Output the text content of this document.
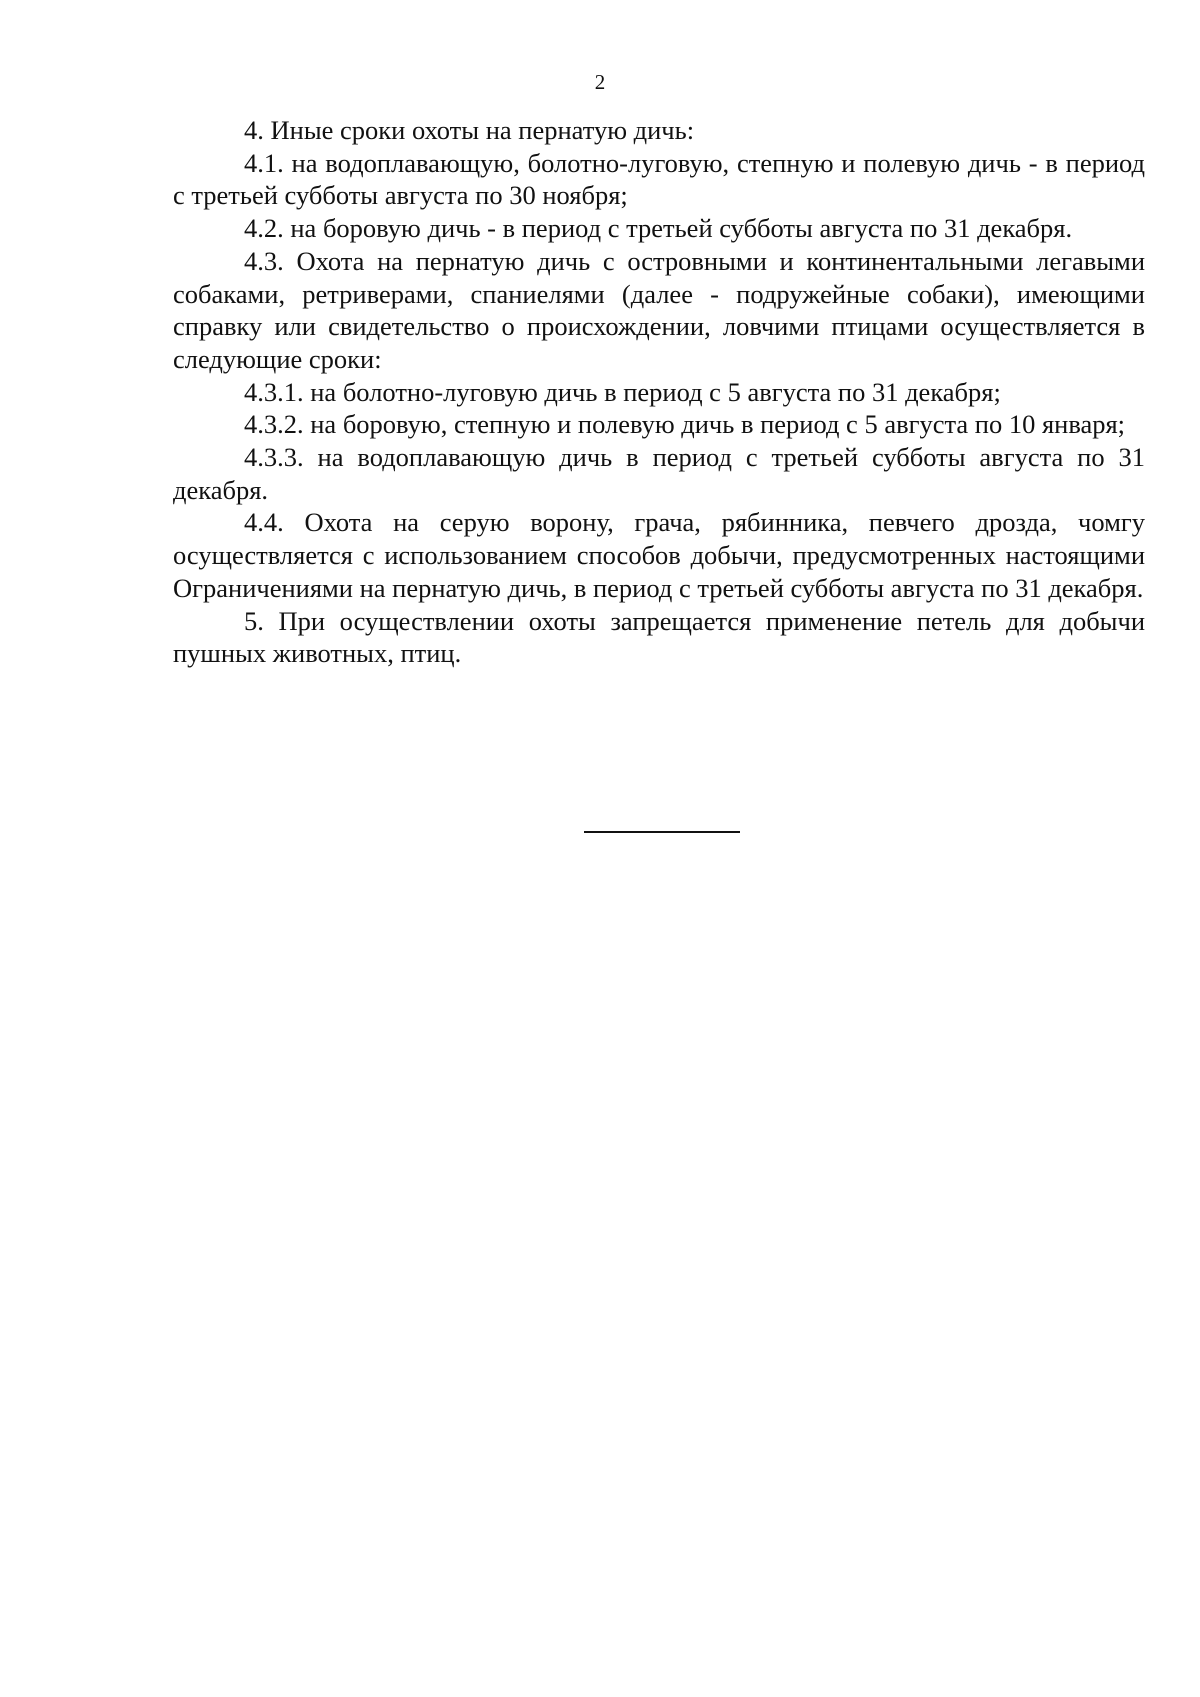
2

4. Иные сроки охоты на пернатую дичь:

4.1. на водоплавающую, болотно-луговую, степную и полевую дичь - в период с третьей субботы августа по 30 ноября;

4.2. на боровую дичь - в период с третьей субботы августа по 31 декабря.

4.3. Охота на пернатую дичь с островными и континентальными легавыми собаками, ретриверами, спаниелями (далее - подружейные собаки), имеющими справку или свидетельство о происхождении, ловчими птицами осуществляется в следующие сроки:

4.3.1. на болотно-луговую дичь в период с 5 августа по 31 декабря;

4.3.2. на боровую, степную и полевую дичь в период с 5 августа по 10 января;

4.3.3. на водоплавающую дичь в период с третьей субботы августа по 31 декабря.

4.4. Охота на серую ворону, грача, рябинника, певчего дрозда, чомгу осуществляется с использованием способов добычи, предусмотренных настоящими Ограничениями на пернатую дичь, в период с третьей субботы августа по 31 декабря.

5. При осуществлении охоты запрещается применение петель для добычи пушных животных, птиц.
